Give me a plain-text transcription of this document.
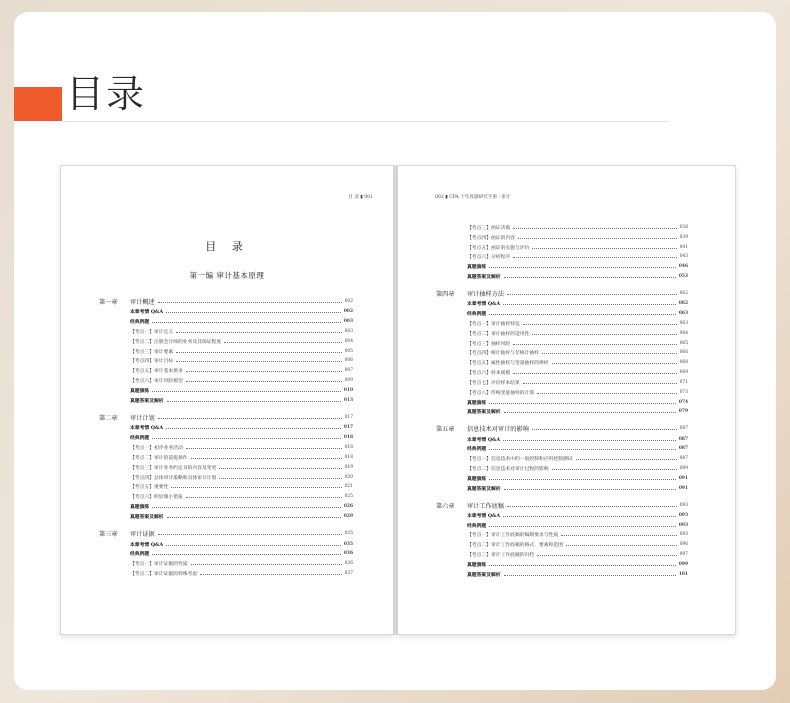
目录
目 录 ▮ 001
目 录
第一编 审计基本原理
第一章	审计概述	002
本章考情 Q&A	002
经典例题	003
【考点一】审计定义	003
【考点二】注册会计师的业务及其保证程度	004
【考点三】审计要素	005
【考点四】审计目标	006
【考点五】审计基本要求	007
【考点六】审计风险模型	009
真题演练	010
真题答案及解析	013
第二章	审计计划	017
本章考情 Q&A	017
经典例题	018
【考点一】初步业务活动	018
【考点二】审计的前提条件	018
【考点三】审计业务约定书的内容及变更	019
【考点四】总体审计策略和具体审计计划	020
【考点五】重要性	021
【考点六】明显微小错报	025
真题演练	026
真题答案及解析	029
第三章	审计证据	035
本章考情 Q&A	035
经典例题	036
【考点一】审计证据的性质	036
【考点二】审计证据的特殊考虑	037
002 ▮ CPA 十年真题研究手册 · 审计
【考点三】函证决策	038
【考点四】函证的内容	039
【考点五】函证的实施与评价	041
【考点六】分析程序	043
真题演练	046
真题答案及解析	053
第四章	审计抽样方法	062
本章考情 Q&A	062
经典例题	063
【考点一】审计抽样特征	063
【考点二】审计抽样的适用性	064
【考点三】抽样风险	065
【考点四】统计抽样与非统计抽样	066
【考点五】属性抽样与变量抽样的辨析	068
【考点六】样本规模	069
【考点七】评价样本结果	071
【考点八】传统变量抽样的计算	073
真题演练	074
真题答案及解析	079
第五章	信息技术对审计的影响	087
本章考情 Q&A	087
经典例题	087
【考点一】信息技术中的一般控制和应用控制测试	087
【考点二】信息技术对审计过程的影响	089
真题演练	091
真题答案及解析	091
第六章	审计工作底稿	093
本章考情 Q&A	093
经典例题	093
【考点一】审计工作底稿的编制要求与性质	093
【考点二】审计工作底稿的格式、要素和范围	096
【考点三】审计工作底稿的归档	097
真题演练	099
真题答案及解析	101
